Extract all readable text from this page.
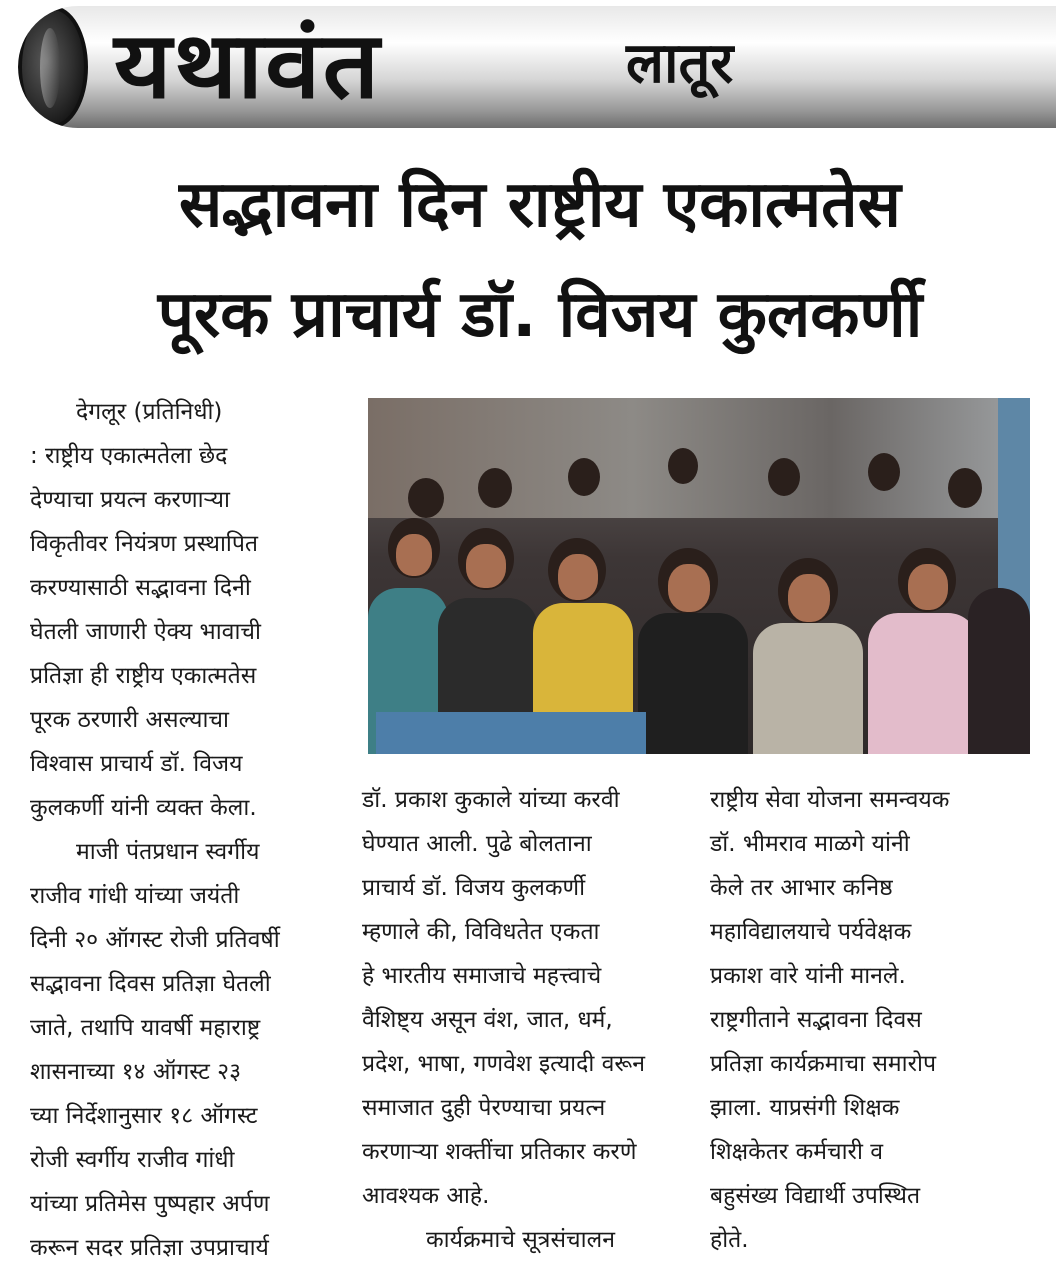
यथावंत	लातूर
सद्भावना दिन राष्ट्रीय एकात्मतेस
पूरक प्राचार्य डॉ. विजय कुलकर्णी

देगलूर (प्रतिनिधी)

: राष्ट्रीय एकात्मतेला छेद

देण्याचा प्रयत्न करणाऱ्या

विकृतीवर नियंत्रण प्रस्थापित

करण्यासाठी सद्भावना दिनी

घेतली जाणारी ऐक्य भावाची

प्रतिज्ञा ही राष्ट्रीय एकात्मतेस

पूरक ठरणारी असल्याचा

विश्वास प्राचार्य डॉ. विजय

कुलकर्णी यांनी व्यक्त केला.

माजी पंतप्रधान स्वर्गीय

राजीव गांधी यांच्या जयंती

दिनी २० ऑगस्ट रोजी प्रतिवर्षी

सद्भावना दिवस प्रतिज्ञा घेतली

जाते, तथापि यावर्षी महाराष्ट्र

शासनाच्या १४ ऑगस्ट २३

च्या निर्देशानुसार १८ ऑगस्ट

रोजी स्वर्गीय राजीव गांधी

यांच्या प्रतिमेस पुष्पहार अर्पण

करून सदर प्रतिज्ञा उपप्राचार्य

डॉ. प्रकाश कुकाले यांच्या करवी

घेण्यात आली. पुढे बोलताना

प्राचार्य डॉ. विजय कुलकर्णी

म्हणाले की, विविधतेत एकता

हे भारतीय समाजाचे महत्त्वाचे

वैशिष्ट्य असून वंश, जात, धर्म,

प्रदेश, भाषा, गणवेश इत्यादी वरून

समाजात दुही पेरण्याचा प्रयत्न

करणाऱ्या शक्तींचा प्रतिकार करणे

आवश्यक आहे.

कार्यक्रमाचे सूत्रसंचालन

राष्ट्रीय सेवा योजना समन्वयक

डॉ. भीमराव माळगे यांनी

केले तर आभार कनिष्ठ

महाविद्यालयाचे पर्यवेक्षक

प्रकाश वारे यांनी मानले.

राष्ट्रगीताने सद्भावना दिवस

प्रतिज्ञा कार्यक्रमाचा समारोप

झाला. याप्रसंगी शिक्षक

शिक्षकेतर कर्मचारी व

बहुसंख्य विद्यार्थी उपस्थित

होते.
